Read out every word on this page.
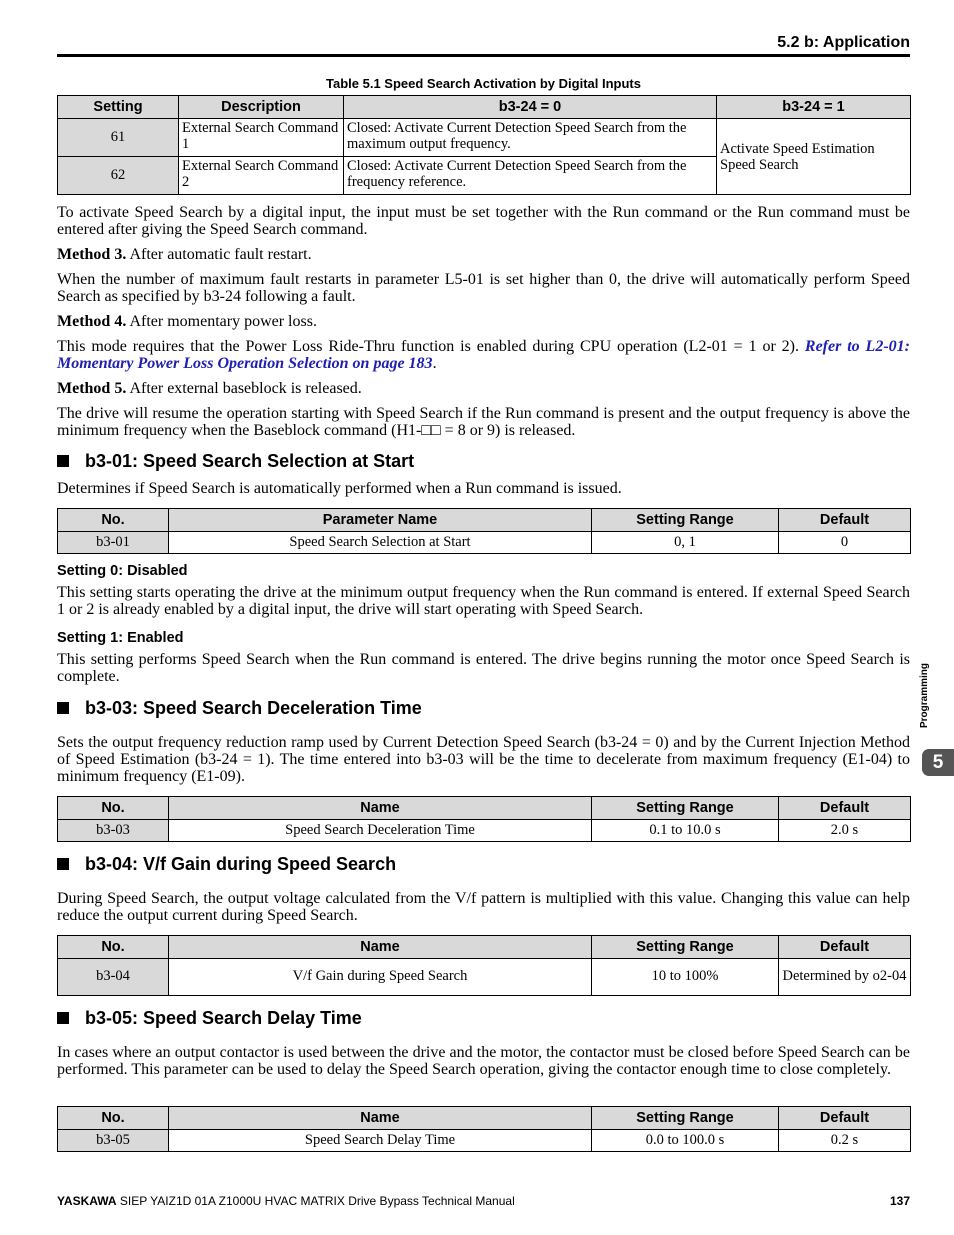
5.2 b: Application
Table 5.1 Speed Search Activation by Digital Inputs
Setting	Description	b3-24 = 0	b3-24 = 1
61	External Search Command 1	Closed: Activate Current Detection Speed Search from the maximum output frequency.	Activate Speed Estimation Speed Search
62	External Search Command 2	Closed: Activate Current Detection Speed Search from the frequency reference.	
To activate Speed Search by a digital input, the input must be set together with the Run command or the Run command must be entered after giving the Speed Search command.
Method 3. After automatic fault restart.
When the number of maximum fault restarts in parameter L5-01 is set higher than 0, the drive will automatically perform Speed Search as specified by b3-24 following a fault.
Method 4. After momentary power loss.
This mode requires that the Power Loss Ride-Thru function is enabled during CPU operation (L2-01 = 1 or 2). Refer to L2-01: Momentary Power Loss Operation Selection on page 183.
Method 5. After external baseblock is released.
The drive will resume the operation starting with Speed Search if the Run command is present and the output frequency is above the minimum frequency when the Baseblock command (H1-□□ = 8 or 9) is released.
b3-01: Speed Search Selection at Start
Determines if Speed Search is automatically performed when a Run command is issued.
No.	Parameter Name	Setting Range	Default
b3-01	Speed Search Selection at Start	0, 1	0
Setting 0: Disabled
This setting starts operating the drive at the minimum output frequency when the Run command is entered. If external Speed Search 1 or 2 is already enabled by a digital input, the drive will start operating with Speed Search.
Setting 1: Enabled
This setting performs Speed Search when the Run command is entered. The drive begins running the motor once Speed Search is complete.
b3-03: Speed Search Deceleration Time
Sets the output frequency reduction ramp used by Current Detection Speed Search (b3-24 = 0) and by the Current Injection Method of Speed Estimation (b3-24 = 1). The time entered into b3-03 will be the time to decelerate from maximum frequency (E1-04) to minimum frequency (E1-09).
No.	Name	Setting Range	Default
b3-03	Speed Search Deceleration Time	0.1 to 10.0 s	2.0 s
b3-04: V/f Gain during Speed Search
During Speed Search, the output voltage calculated from the V/f pattern is multiplied with this value. Changing this value can help reduce the output current during Speed Search.
No.	Name	Setting Range	Default
b3-04	V/f Gain during Speed Search	10 to 100%	Determined by o2-04
b3-05: Speed Search Delay Time
In cases where an output contactor is used between the drive and the motor, the contactor must be closed before Speed Search can be performed. This parameter can be used to delay the Speed Search operation, giving the contactor enough time to close completely.
No.	Name	Setting Range	Default
b3-05	Speed Search Delay Time	0.0 to 100.0 s	0.2 s
Programming
5
YASKAWA SIEP YAIZ1D 01A Z1000U HVAC MATRIX Drive Bypass Technical Manual	137
